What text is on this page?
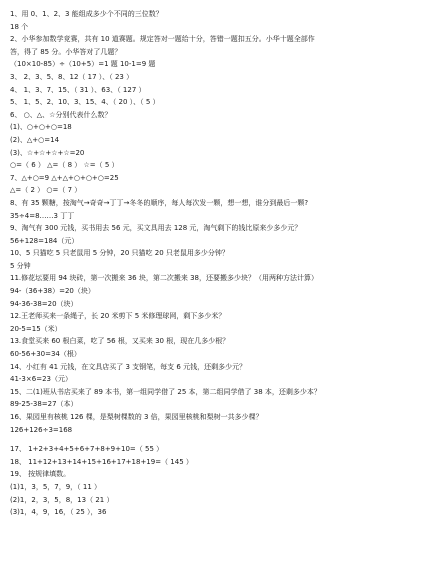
1、用 0、1、2、3 能组成多少个不同的三位数？
18 个
2、小华参加数学竞赛，共有 10 道赛题。规定答对一题给十分，答错一题扣五分。小华十题全部作
答，得了 85 分。小华答对了几题？
（10×10-85）÷（10+5）=1 题 10-1=9 题
3、 2、3、5、8、12（ 17 ）、（ 23 ）
4、 1、3、7、15、（ 31 ）、63、（ 127 ）
5、 1、5、2、10、3、15、4、（ 20 ）、（ 5 ）
6、 ○、△、☆分别代表什么数？
(1)、○+○+○=18
(2)、△+○=14
(3)、☆+☆+☆+☆=20
○=（ 6 ） △=（ 8 ） ☆=（ 5 ）
7、△+○=9 △+△+○+○+○=25
△=（ 2 ） ○=（ 7 ）
8、有 35 颗糖，按淘气→奇奇→丁丁→冬冬的顺序，每人每次发一颗，想一想，谁分到最后一颗?
35÷4=8……3 丁丁
9、淘气有 300 元钱，买书用去 56 元，买文具用去 128 元，淘气剩下的钱比原来少多少元？
56+128=184（元）
10、5 只猫吃 5 只老鼠用 5 分钟，20 只猫吃 20 只老鼠用多少分钟？
5 分钟
11.修花坛要用 94 块砖，第一次搬来 36 块，第二次搬来 38，还要搬多少块？（用两种方法计算）
94-（36+38）=20（块）
94-36-38=20（块）
12.王老师买来一条绳子，长 20 米剪下 5 米修理球网，剩下多少米？
20-5=15（米）
13.食堂买来 60 根白菜，吃了 56 根，又买来 30 根，现在几多少根？
60-56+30=34（根）
14、小红有 41 元钱，在文具店买了 3 支钢笔，每支 6 元钱，还剩多少元？
41-3×6=23（元）
15、二(1)班从书店买来了 89 本书，第一组同学借了 25 本，第二组同学借了 38 本，还剩多少本？
89-25-38=27（本）
16、果园里有核桃 126 棵，是梨树棵数的 3 倍，果园里核桃和梨树一共多少棵？
126+126÷3=168
17、 1+2+3+4+5+6+7+8+9+10=（ 55 ）
18、 11+12+13+14+15+16+17+18+19=（ 145 ）
19、 按规律填数。
(1)1，3，5，7，9，（ 11 ）
(2)1，2，3，5，8，13（ 21 ）
(3)1，4，9，16，（ 25 ），36
